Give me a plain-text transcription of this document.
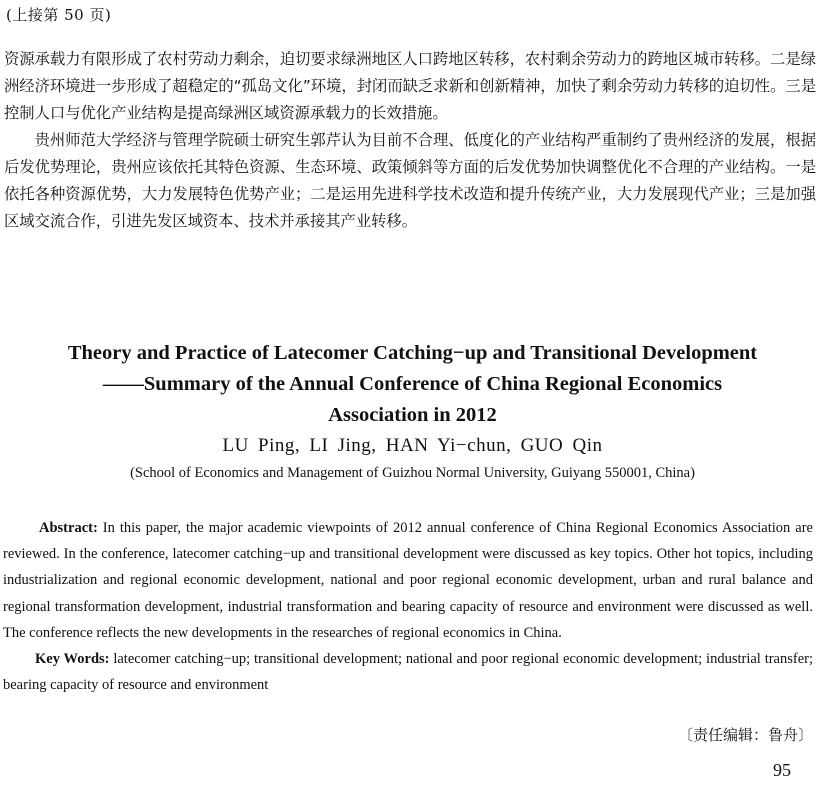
(上接第 50 页)

资源承载力有限形成了农村劳动力剩余，迫切要求绿洲地区人口跨地区转移，农村剩余劳动力的跨地区城市转移。二是绿洲经济环境进一步形成了超稳定的“孤岛文化”环境，封闭而缺乏求新和创新精神，加快了剩余劳动力转移的迫切性。三是控制人口与优化产业结构是提高绿洲区域资源承载力的长效措施。

贵州师范大学经济与管理学院硕士研究生郭芹认为目前不合理、低度化的产业结构严重制约了贵州经济的发展，根据后发优势理论，贵州应该依托其特色资源、生态环境、政策倾斜等方面的后发优势加快调整优化不合理的产业结构。一是依托各种资源优势，大力发展特色优势产业；二是运用先进科学技术改造和提升传统产业，大力发展现代产业；三是加强区域交流合作，引进先发区域资本、技术并承接其产业转移。

Theory and Practice of Latecomer Catching−up and Transitional Development
——Summary of the Annual Conference of China Regional Economics
Association in 2012
LU Ping, LI Jing, HAN Yi−chun, GUO Qin
(School of Economics and Management of Guizhou Normal University, Guiyang 550001, China)

Abstract: In this paper, the major academic viewpoints of 2012 annual conference of China Regional Economics Association are reviewed. In the conference, latecomer catching−up and transitional development were discussed as key topics. Other hot topics, including industrialization and regional economic development, national and poor regional economic development, urban and rural balance and regional transformation development, industrial transformation and bearing capacity of resource and environment were discussed as well. The conference reflects the new developments in the researches of regional economics in China.

Key Words: latecomer catching−up; transitional development; national and poor regional economic development; industrial transfer; bearing capacity of resource and environment

〔责任编辑：鲁舟〕
95
